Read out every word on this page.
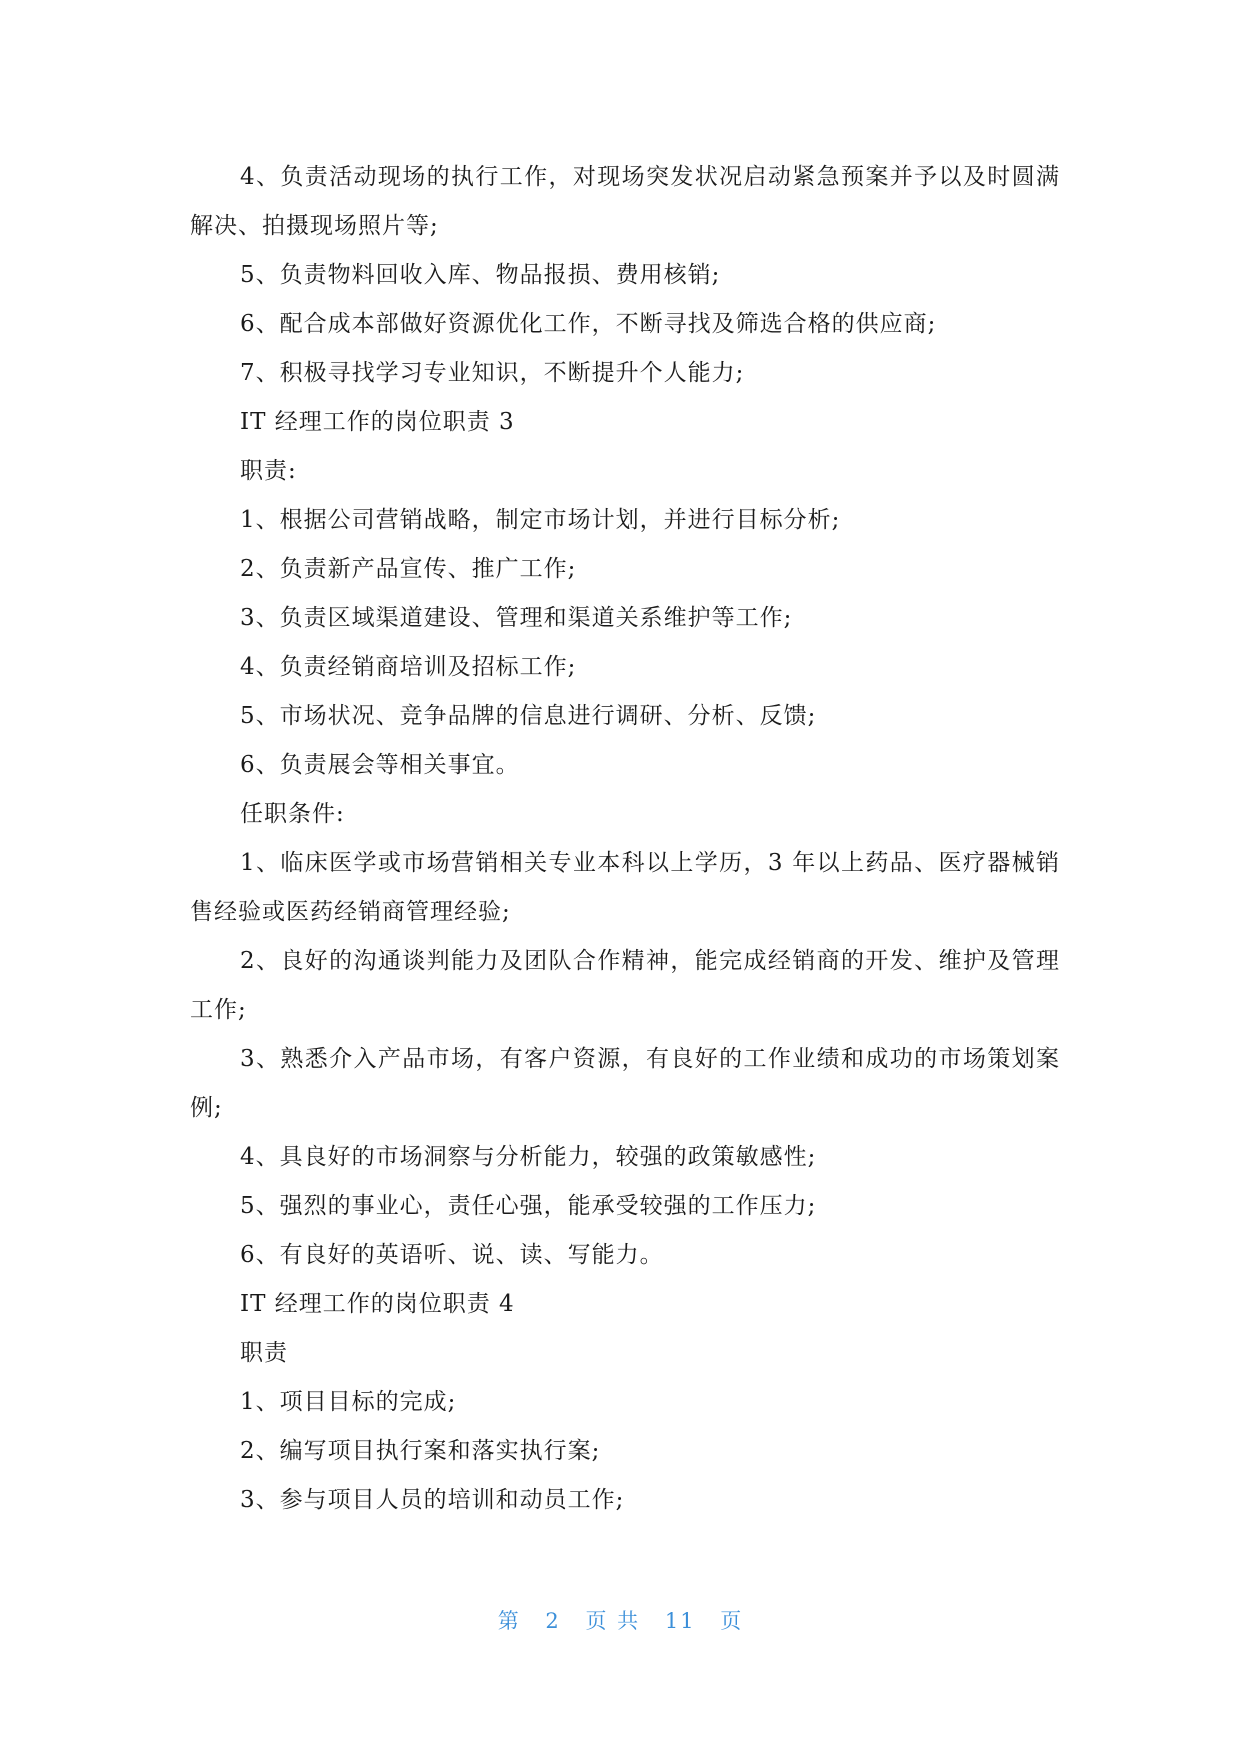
4、负责活动现场的执行工作，对现场突发状况启动紧急预案并予以及时圆满解决、拍摄现场照片等;

5、负责物料回收入库、物品报损、费用核销;

6、配合成本部做好资源优化工作，不断寻找及筛选合格的供应商;

7、积极寻找学习专业知识，不断提升个人能力;

IT 经理工作的岗位职责 3

职责:

1、根据公司营销战略，制定市场计划，并进行目标分析;

2、负责新产品宣传、推广工作;

3、负责区域渠道建设、管理和渠道关系维护等工作;

4、负责经销商培训及招标工作;

5、市场状况、竞争品牌的信息进行调研、分析、反馈;

6、负责展会等相关事宜。

任职条件:

1、临床医学或市场营销相关专业本科以上学历，3 年以上药品、医疗器械销售经验或医药经销商管理经验;

2、良好的沟通谈判能力及团队合作精神，能完成经销商的开发、维护及管理工作;

3、熟悉介入产品市场，有客户资源，有良好的工作业绩和成功的市场策划案例;

4、具良好的市场洞察与分析能力，较强的政策敏感性;

5、强烈的事业心，责任心强，能承受较强的工作压力;

6、有良好的英语听、说、读、写能力。

IT 经理工作的岗位职责 4

职责

1、项目目标的完成;

2、编写项目执行案和落实执行案;

3、参与项目人员的培训和动员工作;

第 2 页 共 11 页
